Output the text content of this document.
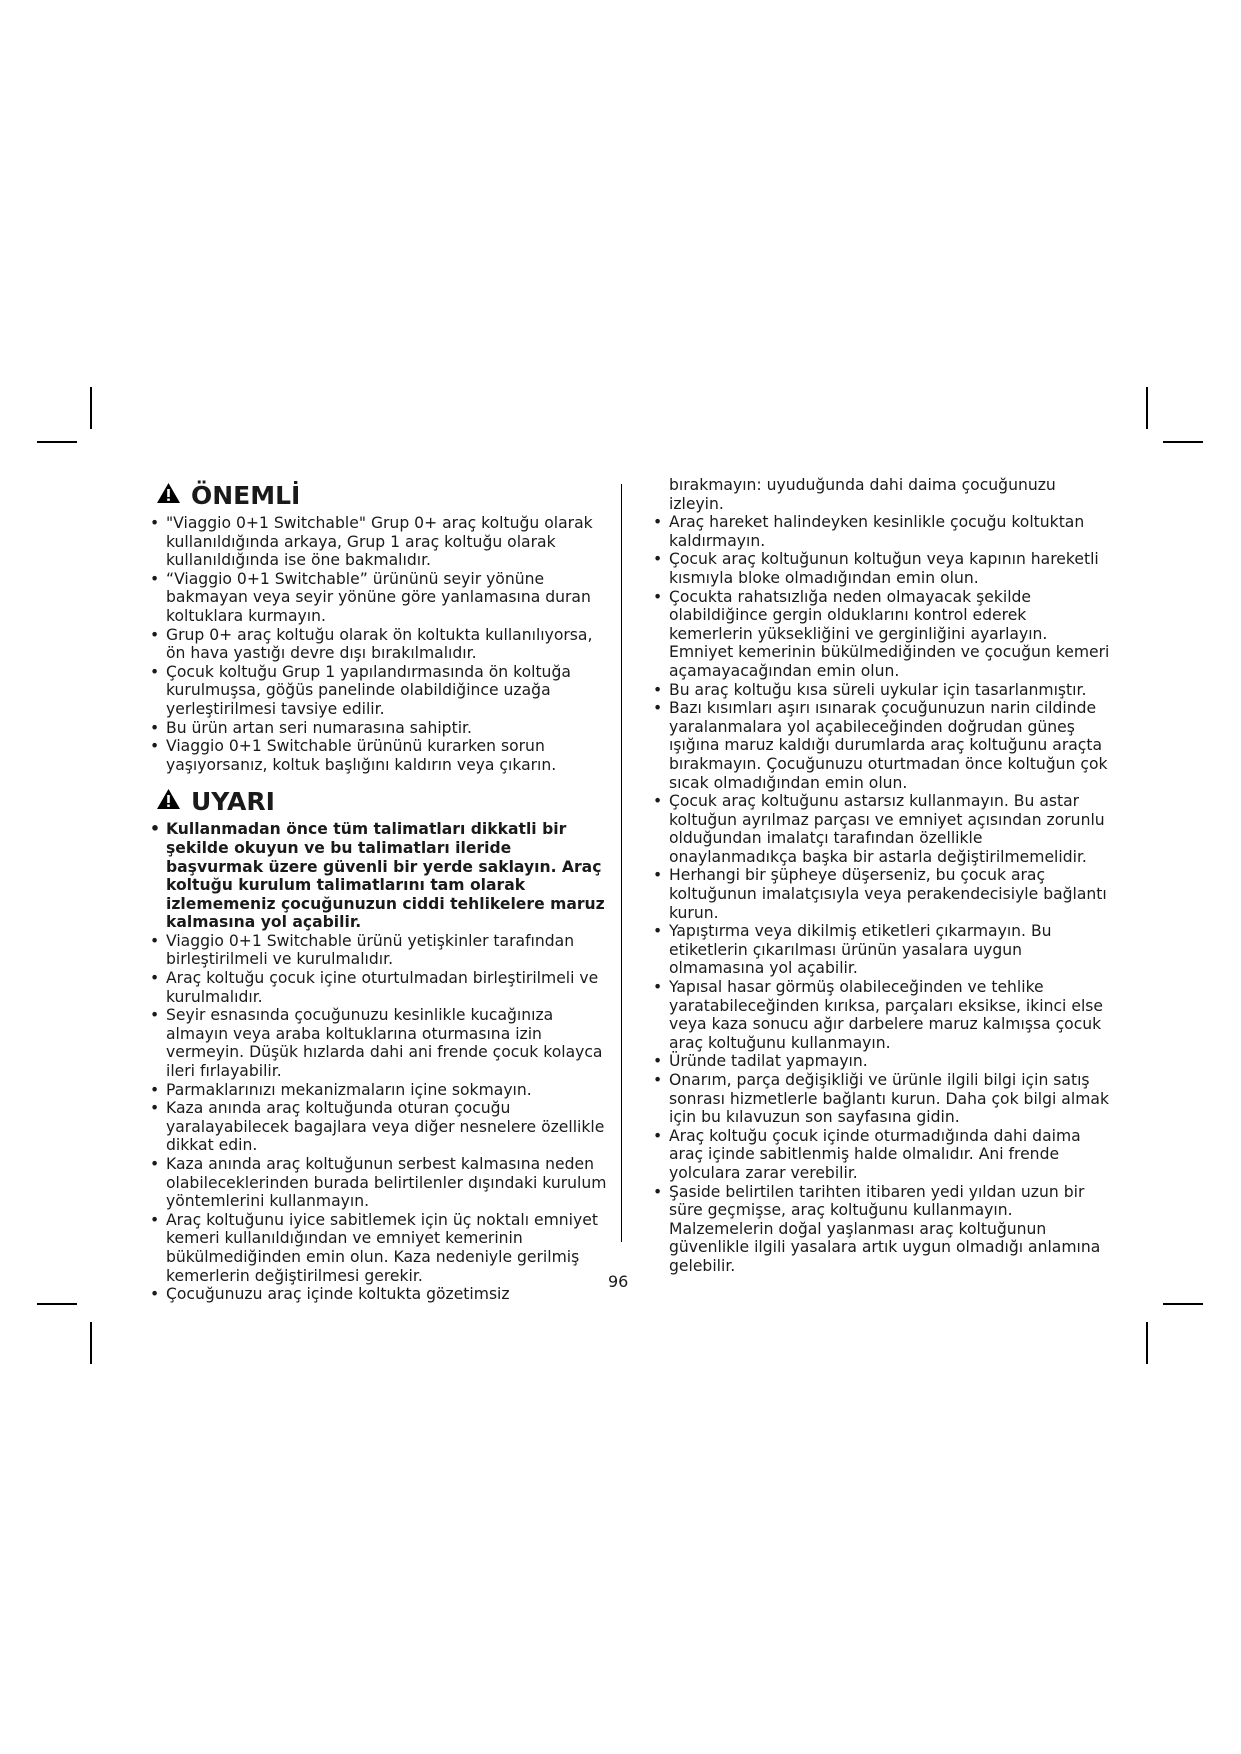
ÖNEMLİ
• "Viaggio 0+1 Switchable" Grup 0+ araç koltuğu olarak kullanıldığında arkaya, Grup 1 araç koltuğu olarak kullanıldığında ise öne bakmalıdır.
• “Viaggio 0+1 Switchable” ürününü seyir yönüne bakmayan veya seyir yönüne göre yanlamasına duran koltuklara kurmayın.
• Grup 0+ araç koltuğu olarak ön koltukta kullanılıyorsa, ön hava yastığı devre dışı bırakılmalıdır.
• Çocuk koltuğu Grup 1 yapılandırmasında ön koltuğa kurulmuşsa, göğüs panelinde olabildiğince uzağa yerleştirilmesi tavsiye edilir.
• Bu ürün artan seri numarasına sahiptir.
• Viaggio 0+1 Switchable ürününü kurarken sorun yaşıyorsanız, koltuk başlığını kaldırın veya çıkarın.
UYARI
• Kullanmadan önce tüm talimatları dikkatli bir şekilde okuyun ve bu talimatları ileride başvurmak üzere güvenli bir yerde saklayın. Araç koltuğu kurulum talimatlarını tam olarak izlememeniz çocuğunuzun ciddi tehlikelere maruz kalmasına yol açabilir.
• Viaggio 0+1 Switchable ürünü yetişkinler tarafından birleştirilmeli ve kurulmalıdır.
• Araç koltuğu çocuk içine oturtulmadan birleştirilmeli ve kurulmalıdır.
• Seyir esnasında çocuğunuzu kesinlikle kucağınıza almayın veya araba koltuklarına oturmasına izin vermeyin. Düşük hızlarda dahi ani frende çocuk kolayca ileri fırlayabilir.
• Parmaklarınızı mekanizmaların içine sokmayın.
• Kaza anında araç koltuğunda oturan çocuğu yaralayabilecek bagajlara veya diğer nesnelere özellikle dikkat edin.
• Kaza anında araç koltuğunun serbest kalmasına neden olabileceklerinden burada belirtilenler dışındaki kurulum yöntemlerini kullanmayın.
• Araç koltuğunu iyice sabitlemek için üç noktalı emniyet kemeri kullanıldığından ve emniyet kemerinin bükülmediğinden emin olun. Kaza nedeniyle gerilmiş kemerlerin değiştirilmesi gerekir.
• Çocuğunuzu araç içinde koltukta gözetimsiz
bırakmayın: uyuduğunda dahi daima çocuğunuzu izleyin.
• Araç hareket halindeyken kesinlikle çocuğu koltuktan kaldırmayın.
• Çocuk araç koltuğunun koltuğun veya kapının hareketli kısmıyla bloke olmadığından emin olun.
• Çocukta rahatsızlığa neden olmayacak şekilde olabildiğince gergin olduklarını kontrol ederek kemerlerin yüksekliğini ve gerginliğini ayarlayın. Emniyet kemerinin bükülmediğinden ve çocuğun kemeri açamayacağından emin olun.
• Bu araç koltuğu kısa süreli uykular için tasarlanmıştır.
• Bazı kısımları aşırı ısınarak çocuğunuzun narin cildinde yaralanmalara yol açabileceğinden doğrudan güneş ışığına maruz kaldığı durumlarda araç koltuğunu araçta bırakmayın. Çocuğunuzu oturtmadan önce koltuğun çok sıcak olmadığından emin olun.
• Çocuk araç koltuğunu astarsız kullanmayın. Bu astar koltuğun ayrılmaz parçası ve emniyet açısından zorunlu olduğundan imalatçı tarafından özellikle onaylanmadıkça başka bir astarla değiştirilmemelidir.
• Herhangi bir şüpheye düşerseniz, bu çocuk araç koltuğunun imalatçısıyla veya perakendecisiyle bağlantı kurun.
• Yapıştırma veya dikilmiş etiketleri çıkarmayın. Bu etiketlerin çıkarılması ürünün yasalara uygun olmamasına yol açabilir.
• Yapısal hasar görmüş olabileceğinden ve tehlike yaratabileceğinden kırıksa, parçaları eksikse, ikinci else veya kaza sonucu ağır darbelere maruz kalmışsa çocuk araç koltuğunu kullanmayın.
• Üründe tadilat yapmayın.
• Onarım, parça değişikliği ve ürünle ilgili bilgi için satış sonrası hizmetlerle bağlantı kurun. Daha çok bilgi almak için bu kılavuzun son sayfasına gidin.
• Araç koltuğu çocuk içinde oturmadığında dahi daima araç içinde sabitlenmiş halde olmalıdır. Ani frende yolculara zarar verebilir.
• Şaside belirtilen tarihten itibaren yedi yıldan uzun bir süre geçmişse, araç koltuğunu kullanmayın. Malzemelerin doğal yaşlanması araç koltuğunun güvenlikle ilgili yasalara artık uygun olmadığı anlamına gelebilir.
96
